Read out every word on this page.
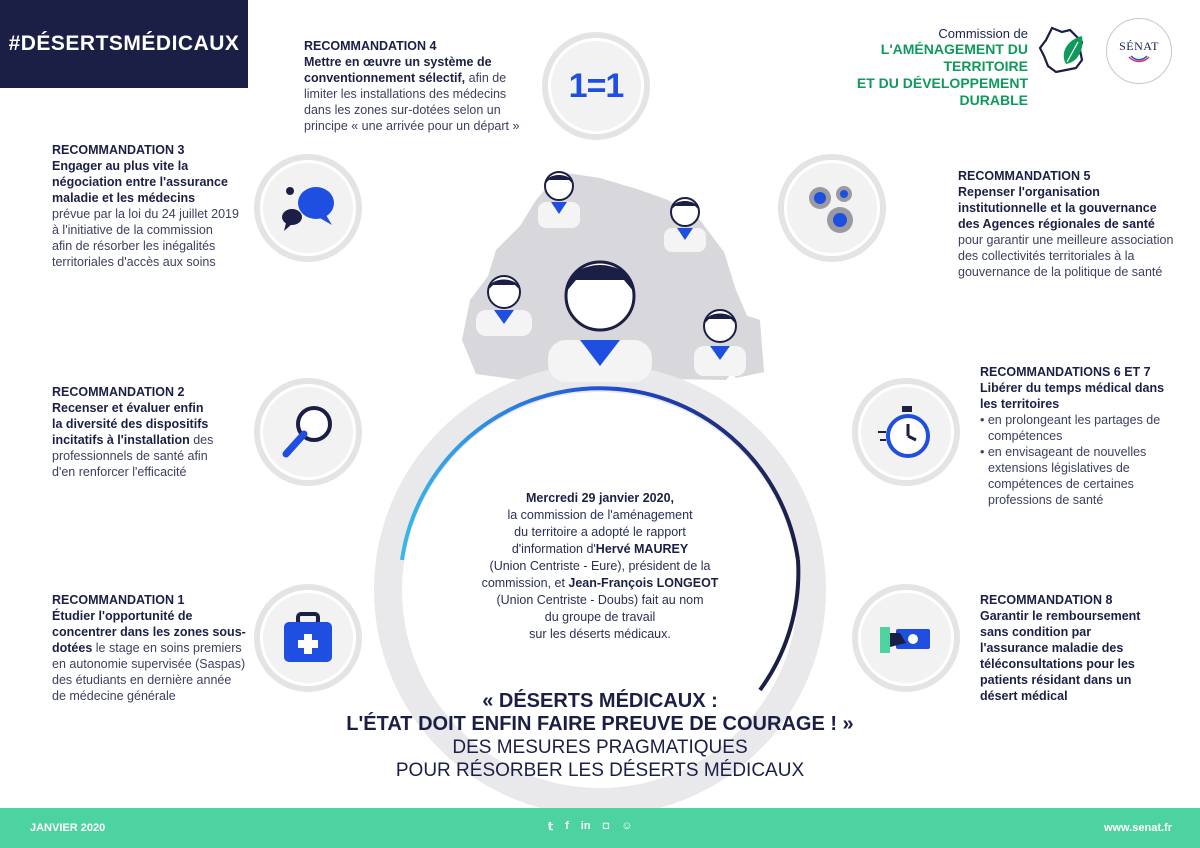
#DÉSERTSMÉDICAUX	Commission de
L'AMÉNAGEMENT DU TERRITOIRE
ET DU DÉVELOPPEMENT DURABLE
SÉNAT
1=1
RECOMMANDATION 4
Mettre en œuvre un système de conventionnement sélectif, afin de
limiter les installations des médecins
dans les zones sur-dotées selon un
principe « une arrivée pour un départ »
RECOMMANDATION 3
Engager au plus vite la
négociation entre l'assurance
maladie et les médecins
prévue par la loi du 24 juillet 2019
à l'initiative de la commission
afin de résorber les inégalités
territoriales d'accès aux soins
RECOMMANDATION 5
Repenser l'organisation
institutionnelle et la gouvernance
des Agences régionales de santé
pour garantir une meilleure association
des collectivités territoriales à la
gouvernance de la politique de santé
RECOMMANDATION 2
Recenser et évaluer enfin
la diversité des dispositifs
incitatifs à l'installation des
professionnels de santé afin
d'en renforcer l'efficacité
RECOMMANDATIONS 6 ET 7
Libérer du temps médical dans
les territoires
• en prolongeant les partages de
compétences
• en envisageant de nouvelles
extensions législatives de
compétences de certaines
professions de santé
RECOMMANDATION 1
Étudier l'opportunité de
concentrer dans les zones sous-
dotées le stage en soins premiers
en autonomie supervisée (Saspas)
des étudiants en dernière année
de médecine générale
RECOMMANDATION 8
Garantir le remboursement
sans condition par
l'assurance maladie des
téléconsultations pour les
patients résidant dans un
désert médical
Mercredi 29 janvier 2020,
la commission de l'aménagement
du territoire a adopté le rapport
d'information d'Hervé MAUREY
(Union Centriste - Eure), président de la
commission, et Jean-François LONGEOT
(Union Centriste - Doubs) fait au nom
du groupe de travail
sur les déserts médicaux.
« DÉSERTS MÉDICAUX :
L'ÉTAT DOIT ENFIN FAIRE PREUVE DE COURAGE ! »
DES MESURES PRAGMATIQUES
POUR RÉSORBER LES DÉSERTS MÉDICAUX
JANVIER 2020	𝕥 f in ◘ ☺	www.senat.fr
